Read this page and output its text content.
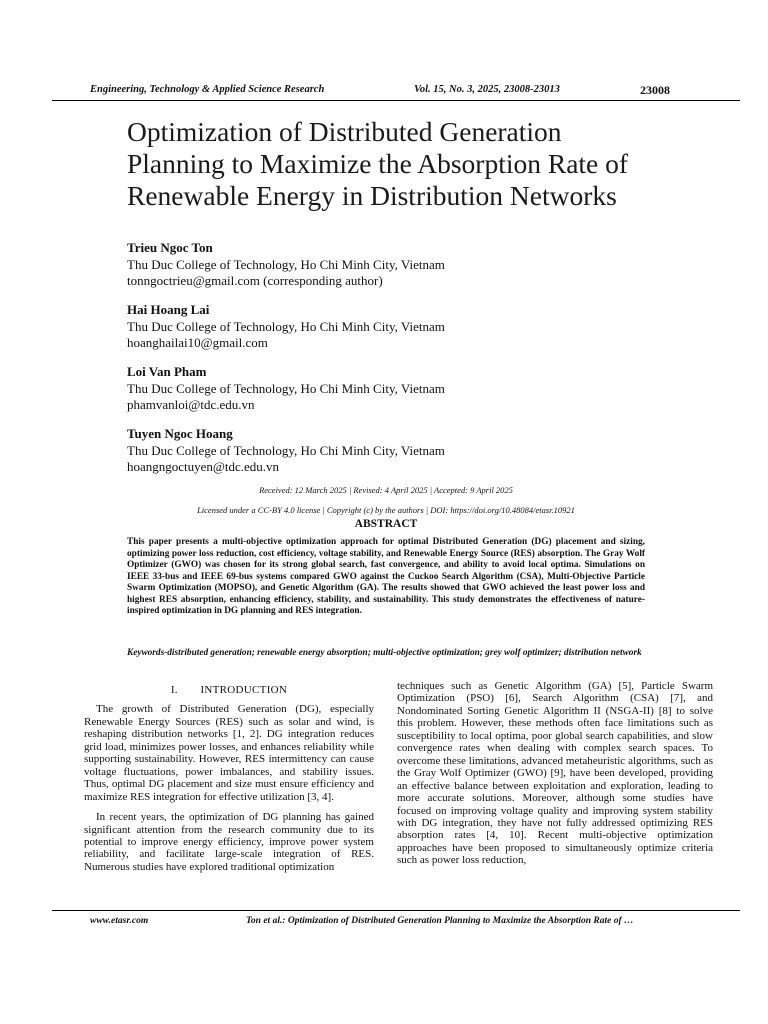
Engineering, Technology & Applied Science Research	Vol. 15, No. 3, 2025, 23008-23013	23008
Optimization of Distributed Generation
Planning to Maximize the Absorption Rate of
Renewable Energy in Distribution Networks
Trieu Ngoc Ton
Thu Duc College of Technology, Ho Chi Minh City, Vietnam
tonngoctrieu@gmail.com (corresponding author)
Hai Hoang Lai
Thu Duc College of Technology, Ho Chi Minh City, Vietnam
hoanghailai10@gmail.com
Loi Van Pham
Thu Duc College of Technology, Ho Chi Minh City, Vietnam
phamvanloi@tdc.edu.vn
Tuyen Ngoc Hoang
Thu Duc College of Technology, Ho Chi Minh City, Vietnam
hoangngoctuyen@tdc.edu.vn
Received: 12 March 2025 | Revised: 4 April 2025 | Accepted: 9 April 2025
Licensed under a CC-BY 4.0 license | Copyright (c) by the authors | DOI: https://doi.org/10.48084/etasr.10921
ABSTRACT
This paper presents a multi-objective optimization approach for optimal Distributed Generation (DG) placement and sizing, optimizing power loss reduction, cost efficiency, voltage stability, and Renewable Energy Source (RES) absorption. The Gray Wolf Optimizer (GWO) was chosen for its strong global search, fast convergence, and ability to avoid local optima. Simulations on IEEE 33-bus and IEEE 69-bus systems compared GWO against the Cuckoo Search Algorithm (CSA), Multi-Objective Particle Swarm Optimization (MOPSO), and Genetic Algorithm (GA). The results showed that GWO achieved the least power loss and highest RES absorption, enhancing efficiency, stability, and sustainability. This study demonstrates the effectiveness of nature-inspired optimization in DG planning and RES integration.
Keywords-distributed generation; renewable energy absorption; multi-objective optimization; grey wolf optimizer; distribution network
I.  INTRODUCTION

The growth of Distributed Generation (DG), especially Renewable Energy Sources (RES) such as solar and wind, is reshaping distribution networks [1, 2]. DG integration reduces grid load, minimizes power losses, and enhances reliability while supporting sustainability. However, RES intermittency can cause voltage fluctuations, power imbalances, and stability issues. Thus, optimal DG placement and size must ensure efficiency and maximize RES integration for effective utilization [3, 4].

In recent years, the optimization of DG planning has gained significant attention from the research community due to its potential to improve energy efficiency, improve power system reliability, and facilitate large-scale integration of RES. Numerous studies have explored traditional optimization

techniques such as Genetic Algorithm (GA) [5], Particle Swarm Optimization (PSO) [6], Search Algorithm (CSA) [7], and Nondominated Sorting Genetic Algorithm II (NSGA-II) [8] to solve this problem. However, these methods often face limitations such as susceptibility to local optima, poor global search capabilities, and slow convergence rates when dealing with complex search spaces. To overcome these limitations, advanced metaheuristic algorithms, such as the Gray Wolf Optimizer (GWO) [9], have been developed, providing an effective balance between exploitation and exploration, leading to more accurate solutions. Moreover, although some studies have focused on improving voltage quality and improving system stability with DG integration, they have not fully addressed optimizing RES absorption rates [4, 10]. Recent multi-objective optimization approaches have been proposed to simultaneously optimize criteria such as power loss reduction,

www.etasr.com	Ton et al.: Optimization of Distributed Generation Planning to Maximize the Absorption Rate of …
